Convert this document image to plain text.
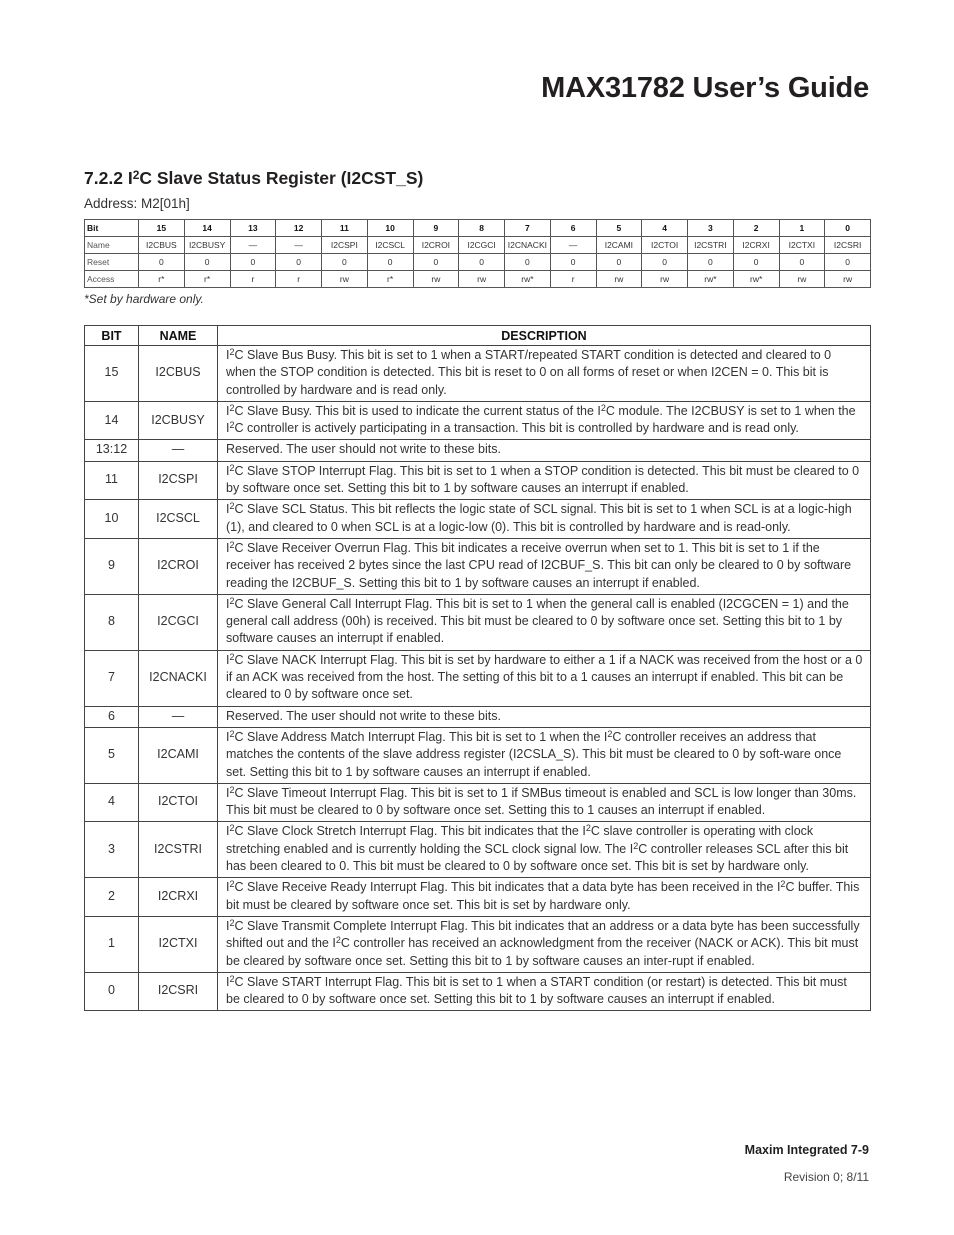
MAX31782 User’s Guide
7.2.2 $I^2C$ Slave Status Register (I2CST_S)
Address: M2[01h]
Bit	15	14	13	12	11	10	9	8	7	6	5	4	3	2	1	0
Name	I2CBUS	I2CBUSY	—	—	I2CSPI	I2CSCL	I2CROI	I2CGCI	I2CNACKI	—	I2CAMI	I2CTOI	I2CSTRI	I2CRXI	I2CTXI	I2CSRI
Reset	0	0	0	0	0	0	0	0	0	0	0	0	0	0	0	0
Access	r*	r*	r	r	rw	r*	rw	rw	rw*	r	rw	rw	rw*	rw*	rw	rw
*Set by hardware only.
BIT	NAME	DESCRIPTION
15	I2CBUS	$I^2C$ Slave Bus Busy. This bit is set to 1 when a START/repeated START condition is detected and cleared to 0 when the STOP condition is detected. This bit is reset to 0 on all forms of reset or when I2CEN = 0. This bit is controlled by hardware and is read only.
14	I2CBUSY	$I^2C$ Slave Busy. This bit is used to indicate the current status of the $I^2C$ module. The I2CBUSY is set to 1 when the $I^2C$ controller is actively participating in a transaction. This bit is controlled by hardware and is read only.
13:12	—	Reserved. The user should not write to these bits.
11	I2CSPI	$I^2C$ Slave STOP Interrupt Flag. This bit is set to 1 when a STOP condition is detected. This bit must be cleared to 0 by software once set. Setting this bit to 1 by software causes an interrupt if enabled.
10	I2CSCL	$I^2C$ Slave SCL Status. This bit reflects the logic state of SCL signal. This bit is set to 1 when SCL is at a logic-high (1), and cleared to 0 when SCL is at a logic-low (0). This bit is controlled by hardware and is read-only.
9	I2CROI	$I^2C$ Slave Receiver Overrun Flag. This bit indicates a receive overrun when set to 1. This bit is set to 1 if the receiver has received 2 bytes since the last CPU read of I2CBUF_S. This bit can only be cleared to 0 by software reading the I2CBUF_S. Setting this bit to 1 by software causes an interrupt if enabled.
8	I2CGCI	$I^2C$ Slave General Call Interrupt Flag. This bit is set to 1 when the general call is enabled (I2CGCEN = 1) and the general call address (00h) is received. This bit must be cleared to 0 by software once set. Setting this bit to 1 by software causes an interrupt if enabled.
7	I2CNACKI	$I^2C$ Slave NACK Interrupt Flag. This bit is set by hardware to either a 1 if a NACK was received from the host or a 0 if an ACK was received from the host. The setting of this bit to a 1 causes an interrupt if enabled. This bit can be cleared to 0 by software once set.
6	—	Reserved. The user should not write to these bits.
5	I2CAMI	$I^2C$ Slave Address Match Interrupt Flag. This bit is set to 1 when the $I^2C$ controller receives an address that matches the contents of the slave address register (I2CSLA_S). This bit must be cleared to 0 by soft-ware once set. Setting this bit to 1 by software causes an interrupt if enabled.
4	I2CTOI	$I^2C$ Slave Timeout Interrupt Flag. This bit is set to 1 if SMBus timeout is enabled and SCL is low longer than 30ms. This bit must be cleared to 0 by software once set. Setting this to 1 causes an interrupt if enabled.
3	I2CSTRI	$I^2C$ Slave Clock Stretch Interrupt Flag. This bit indicates that the $I^2C$ slave controller is operating with clock stretching enabled and is currently holding the SCL clock signal low. The $I^2C$ controller releases SCL after this bit has been cleared to 0. This bit must be cleared to 0 by software once set. This bit is set by hardware only.
2	I2CRXI	$I^2C$ Slave Receive Ready Interrupt Flag. This bit indicates that a data byte has been received in the $I^2C$ buffer. This bit must be cleared by software once set. This bit is set by hardware only.
1	I2CTXI	$I^2C$ Slave Transmit Complete Interrupt Flag. This bit indicates that an address or a data byte has been successfully shifted out and the $I^2C$ controller has received an acknowledgment from the receiver (NACK or ACK). This bit must be cleared by software once set. Setting this bit to 1 by software causes an inter-rupt if enabled.
0	I2CSRI	$I^2C$ Slave START Interrupt Flag. This bit is set to 1 when a START condition (or restart) is detected. This bit must be cleared to 0 by software once set. Setting this bit to 1 by software causes an interrupt if enabled.
Maxim Integrated 7-9
Revision 0; 8/11
